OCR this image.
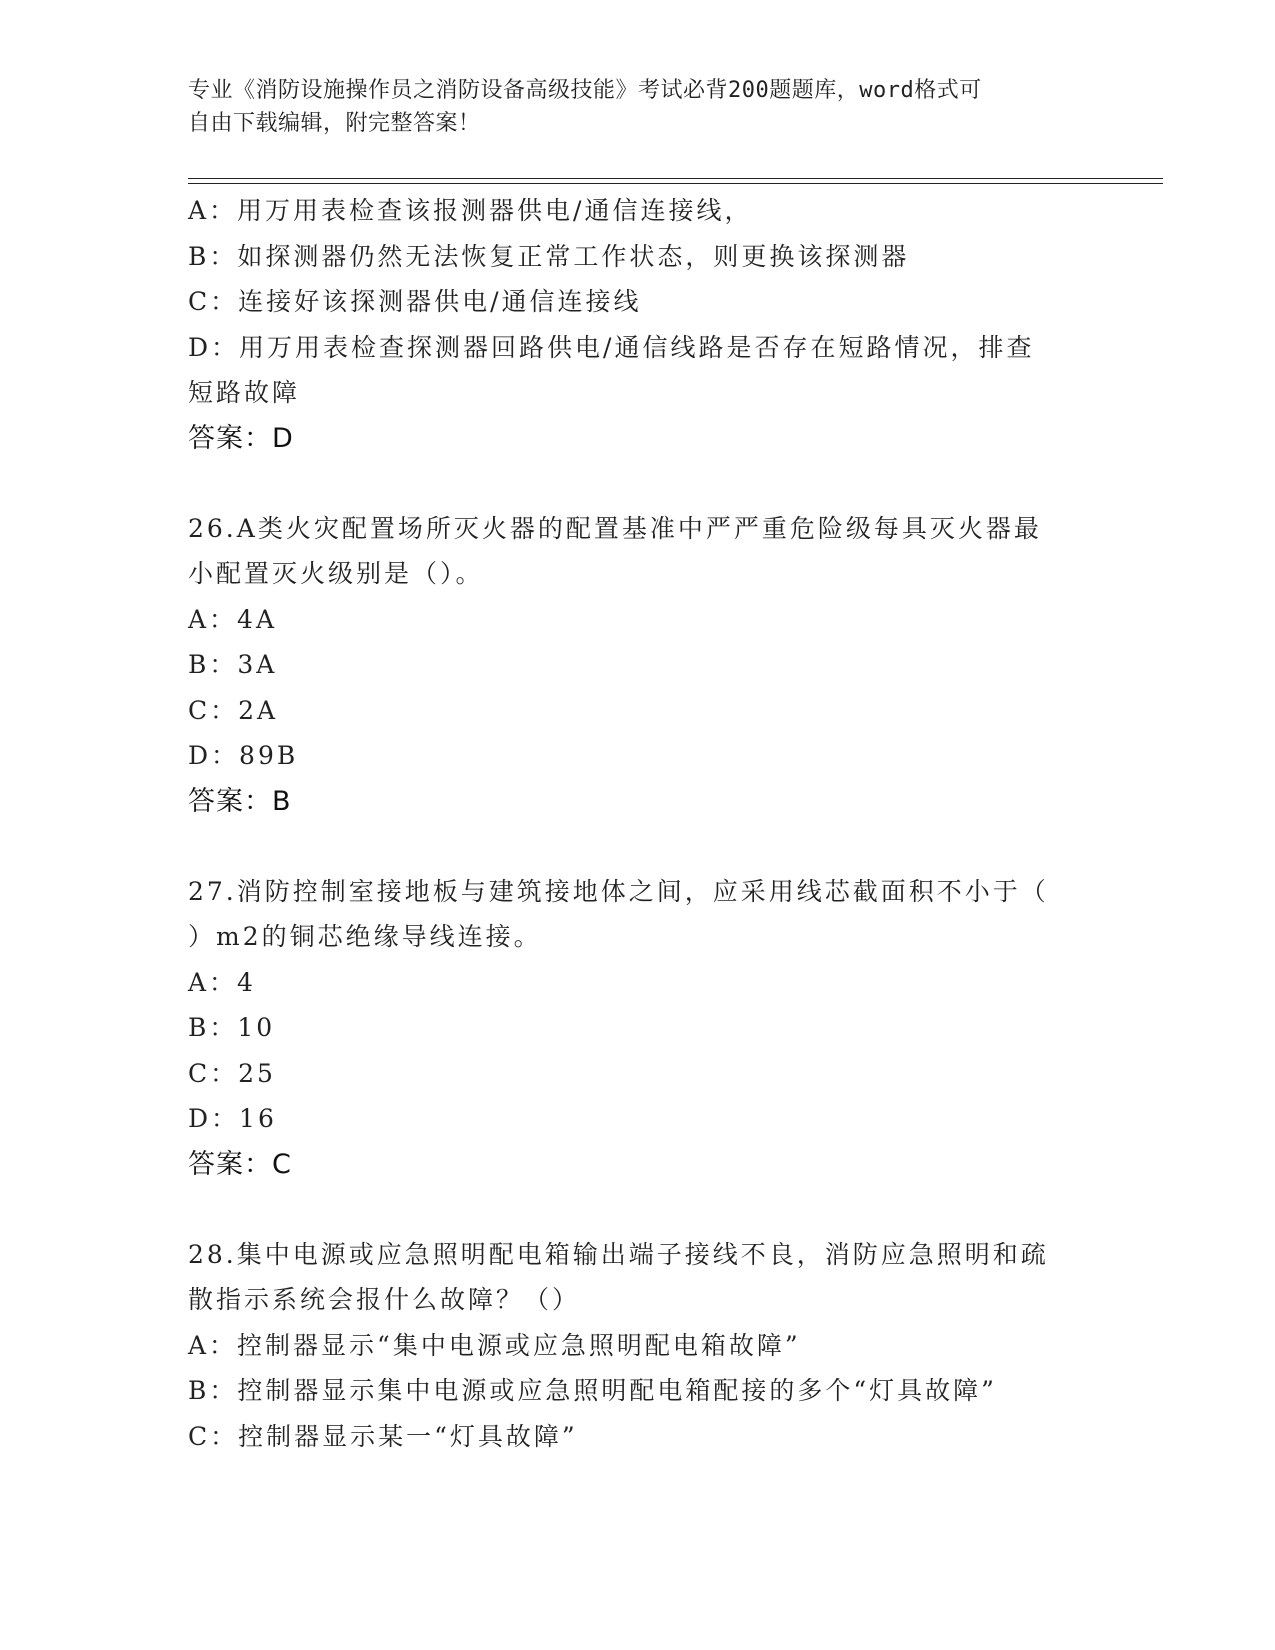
专业《消防设施操作员之消防设备高级技能》考试必背200题题库，word格式可
自由下载编辑，附完整答案！
A：用万用表检查该报测器供电/通信连接线，
B：如探测器仍然无法恢复正常工作状态，则更换该探测器
C：连接好该探测器供电/通信连接线
D：用万用表检查探测器回路供电/通信线路是否存在短路情况，排查
短路故障
答案：D
26.A类火灾配置场所灭火器的配置基准中严严重危险级每具灭火器最
小配置灭火级别是（）。
A：4A
B：3A
C：2A
D：89B
答案：B
27.消防控制室接地板与建筑接地体之间，应采用线芯截面积不小于（
）m2的铜芯绝缘导线连接。
A：4
B：10
C：25
D：16
答案：C
28.集中电源或应急照明配电箱输出端子接线不良，消防应急照明和疏
散指示系统会报什么故障？（）
A：控制器显示“集中电源或应急照明配电箱故障”
B：控制器显示集中电源或应急照明配电箱配接的多个“灯具故障”
C：控制器显示某一“灯具故障”
